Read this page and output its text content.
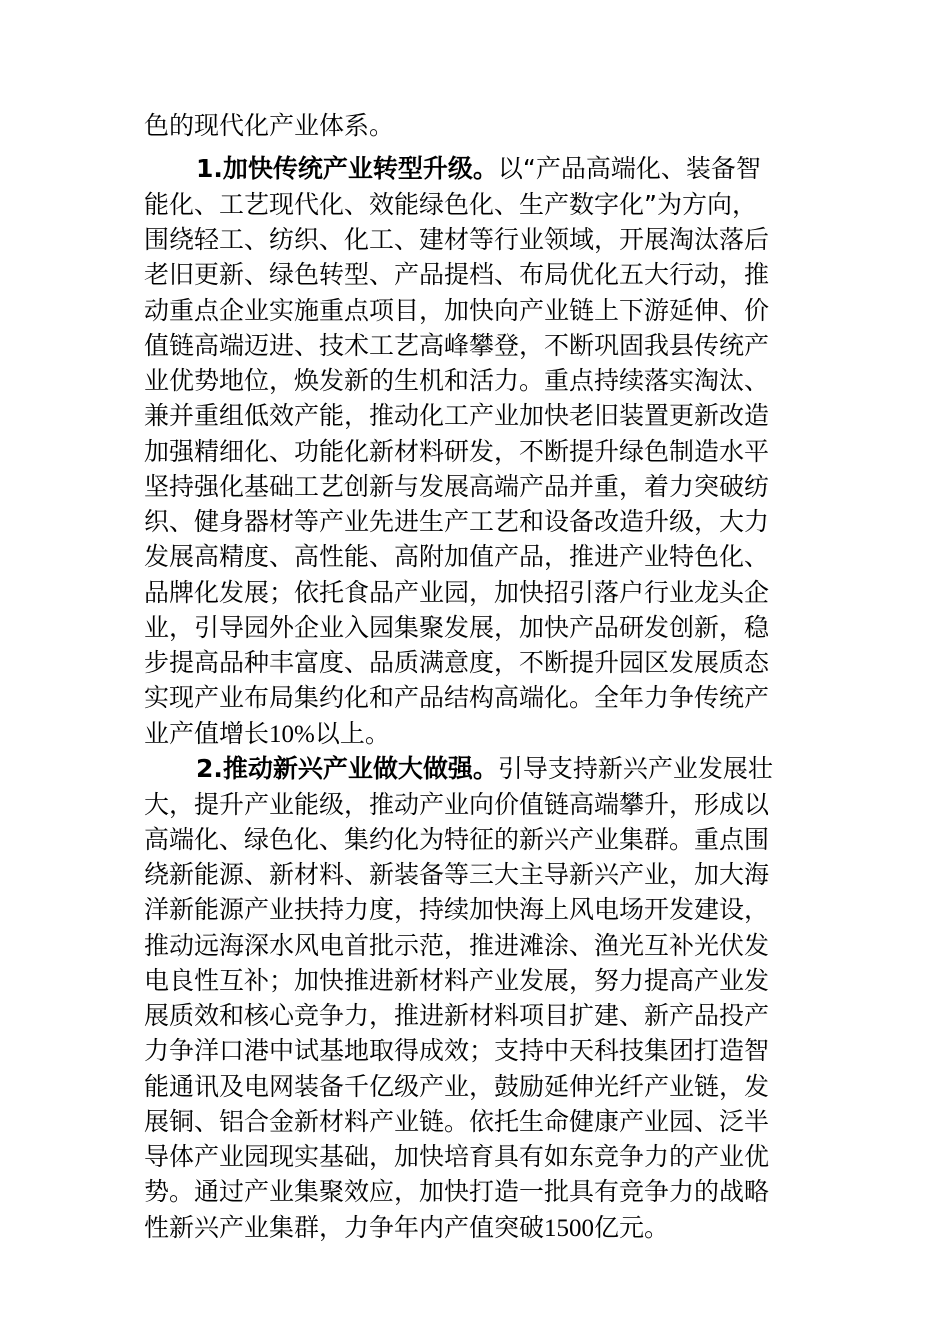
色的现代化产业体系。
1.加快传统产业转型升级。以“产品高端化、装备智
能化、工艺现代化、效能绿色化、生产数字化”为方向，
围绕轻工、纺织、化工、建材等行业领域，开展淘汰落后
老旧更新、绿色转型、产品提档、布局优化五大行动，推
动重点企业实施重点项目，加快向产业链上下游延伸、价
值链高端迈进、技术工艺高峰攀登，不断巩固我县传统产
业优势地位，焕发新的生机和活力。重点持续落实淘汰、
兼并重组低效产能，推动化工产业加快老旧装置更新改造
加强精细化、功能化新材料研发，不断提升绿色制造水平
坚持强化基础工艺创新与发展高端产品并重，着力突破纺
织、健身器材等产业先进生产工艺和设备改造升级，大力
发展高精度、高性能、高附加值产品，推进产业特色化、
品牌化发展；依托食品产业园，加快招引落户行业龙头企
业，引导园外企业入园集聚发展，加快产品研发创新，稳
步提高品种丰富度、品质满意度，不断提升园区发展质态
实现产业布局集约化和产品结构高端化。全年力争传统产
业产值增长10%以上。
2.推动新兴产业做大做强。引导支持新兴产业发展壮
大，提升产业能级，推动产业向价值链高端攀升，形成以
高端化、绿色化、集约化为特征的新兴产业集群。重点围
绕新能源、新材料、新装备等三大主导新兴产业，加大海
洋新能源产业扶持力度，持续加快海上风电场开发建设，
推动远海深水风电首批示范，推进滩涂、渔光互补光伏发
电良性互补；加快推进新材料产业发展，努力提高产业发
展质效和核心竞争力，推进新材料项目扩建、新产品投产
力争洋口港中试基地取得成效；支持中天科技集团打造智
能通讯及电网装备千亿级产业，鼓励延伸光纤产业链，发
展铜、铝合金新材料产业链。依托生命健康产业园、泛半
导体产业园现实基础，加快培育具有如东竞争力的产业优
势。通过产业集聚效应，加快打造一批具有竞争力的战略
性新兴产业集群，力争年内产值突破1500亿元。
